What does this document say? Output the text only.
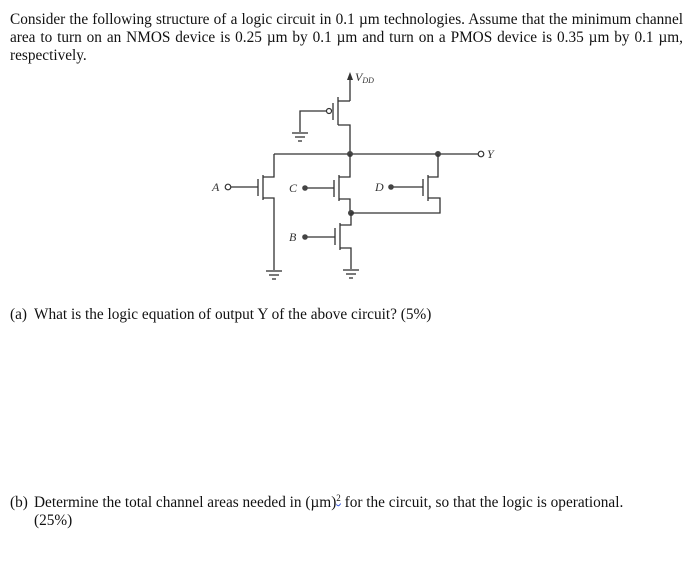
Consider the following structure of a logic circuit in 0.1 µm technologies. Assume that the minimum channel area to turn on an NMOS device is 0.25 µm by 0.1 µm and turn on a PMOS device is 0.35 µm by 0.1 µm, respectively.

VDD
Y
A	C	D
B

(a) What is the logic equation of output Y of the above circuit? (5%)

(b) Determine the total channel areas needed in $(\mu m)^2$ for the circuit, so that the logic is operational.
(25%)
